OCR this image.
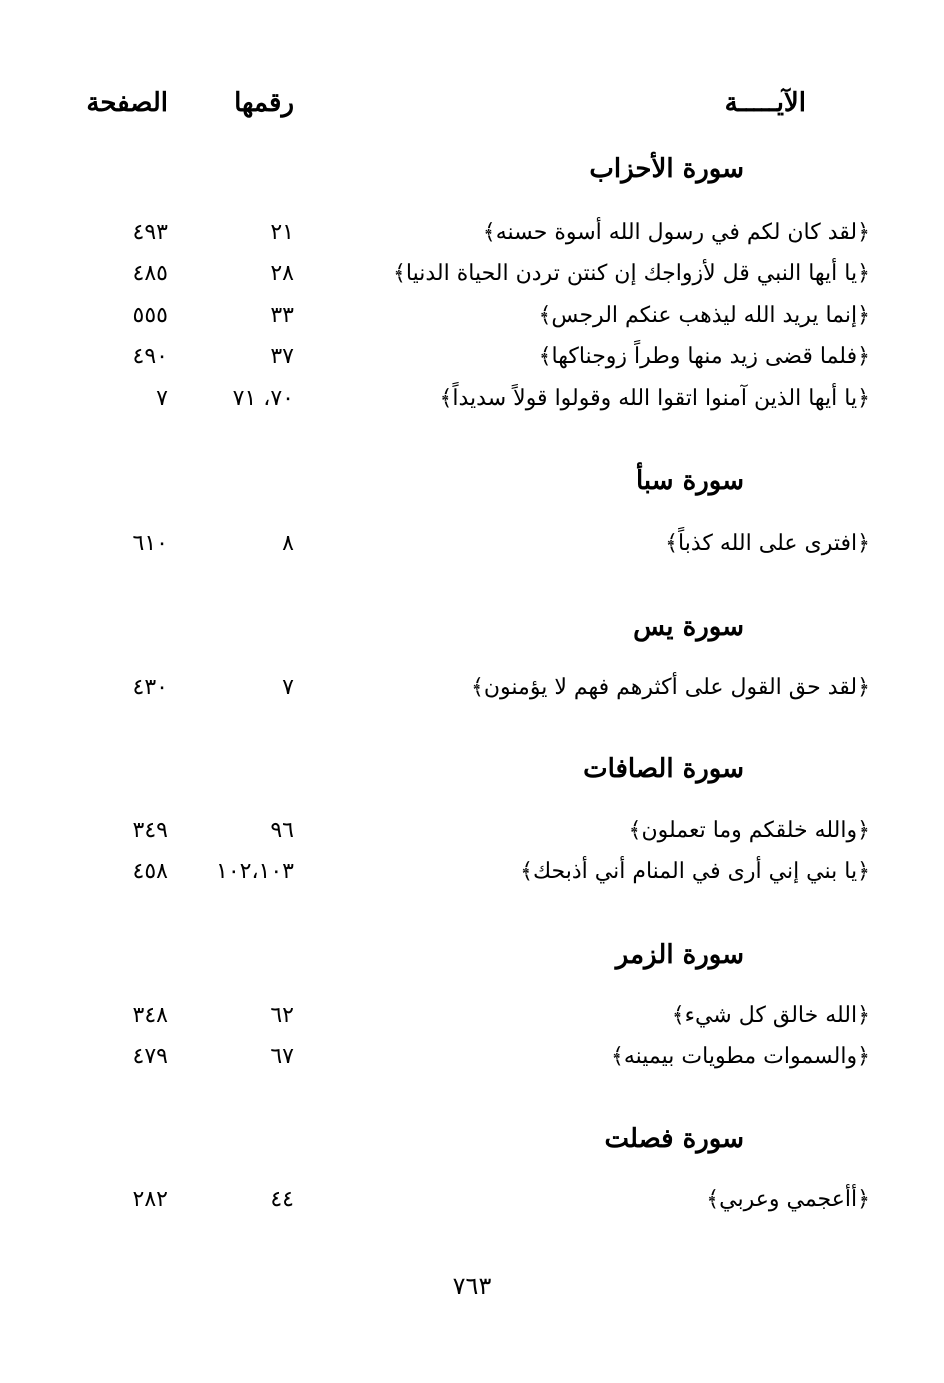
الآيـــــة
رقمها
الصفحة
سورة الأحزاب
﴿لقد كان لكم في رسول الله أسوة حسنه﴾
٢١
٤٩٣
﴿يا أيها النبي قل لأزواجك إن كنتن تردن الحياة الدنيا﴾
٢٨
٤٨٥
﴿إنما يريد الله ليذهب عنكم الرجس﴾
٣٣
٥٥٥
﴿فلما قضى زيد منها وطراً زوجناكها﴾
٣٧
٤٩٠
﴿يا أيها الذين آمنوا اتقوا الله وقولوا قولاً سديداً﴾
٧٠، ٧١
٧
سورة سبأ
﴿افترى على الله كذباً﴾
٨
٦١٠
سورة يس
﴿لقد حق القول على أكثرهم فهم لا يؤمنون﴾
٧
٤٣٠
سورة الصافات
﴿والله خلقكم وما تعملون﴾
٩٦
٣٤٩
﴿يا بني إني أرى في المنام أني أذبحك﴾
١٠٢،١٠٣
٤٥٨
سورة الزمر
﴿الله خالق كل شيء﴾
٦٢
٣٤٨
﴿والسموات مطويات بيمينه﴾
٦٧
٤٧٩
سورة فصلت
﴿أأعجمي وعربي﴾
٤٤
٢٨٢
٧٦٣
